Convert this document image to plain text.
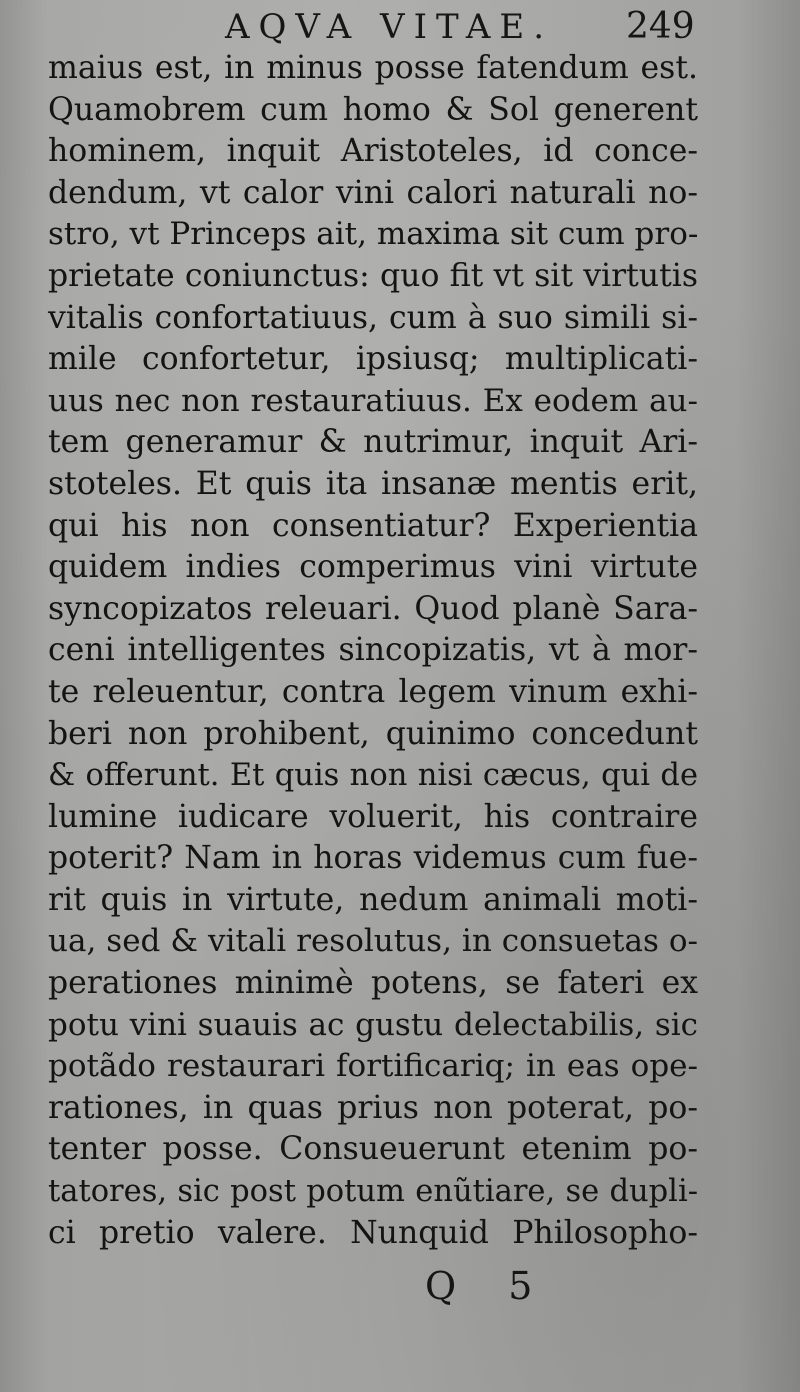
AQVA VITAE. 249
maius est, in minus posse fatendum est.
Quamobrem cum homo & Sol generent
hominem, inquit Aristoteles, id conce-
dendum, vt calor vini calori naturali no-
stro, vt Princeps ait, maxima sit cum pro-
prietate coniunctus: quo fit vt sit virtutis
vitalis confortatiuus, cum à suo simili si-
mile confortetur, ipsiusq; multiplicati-
uus nec non restauratiuus. Ex eodem au-
tem generamur & nutrimur, inquit Ari-
stoteles. Et quis ita insanæ mentis erit,
qui his non consentiatur? Experientia
quidem indies comperimus vini virtute
syncopizatos releuari. Quod planè Sara-
ceni intelligentes sincopizatis, vt à mor-
te releuentur, contra legem vinum exhi-
beri non prohibent, quinimo concedunt
& offerunt. Et quis non nisi cæcus, qui de
lumine iudicare voluerit, his contraire
poterit? Nam in horas videmus cum fue-
rit quis in virtute, nedum animali moti-
ua, sed & vitali resolutus, in consuetas o-
perationes minimè potens, se fateri ex
potu vini suauis ac gustu delectabilis, sic
potãdo restaurari fortificariq; in eas ope-
rationes, in quas prius non poterat, po-
tenter posse. Consueuerunt etenim po-
tatores, sic post potum enũtiare, se dupli-
ci pretio valere. Nunquid Philosopho-
Q 5
